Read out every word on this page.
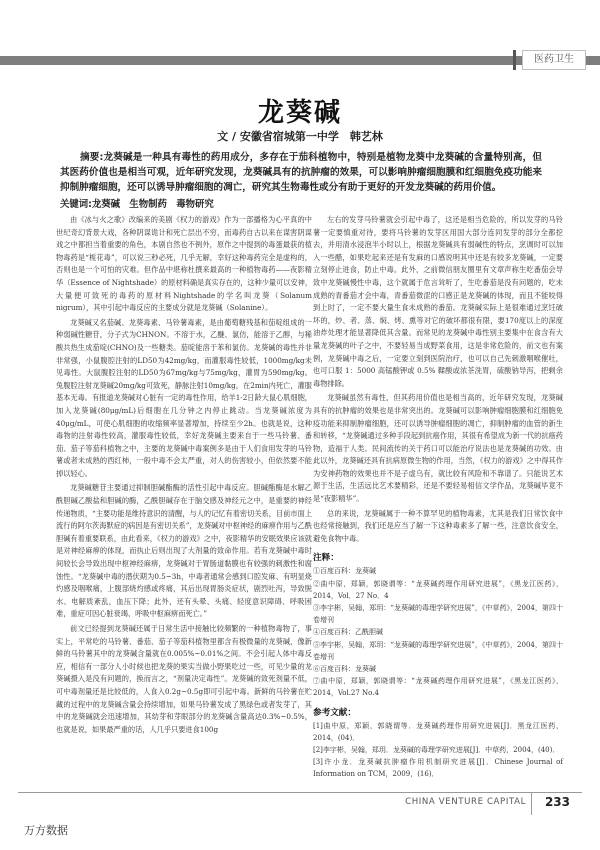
医药卫生
龙葵碱
文 / 安徽省宿城第一中学　韩艺林
摘要:龙葵碱是一种具有毒性的药用成分，多存在于茄科植物中，特别是植物龙葵中龙葵碱的含量特别高，但其医药价值也是相当可观，近年研究发现，龙葵碱具有的抗肿瘤的效果，可以影响肿瘤细胞膜和红细胞免疫功能来抑制肿瘤细胞，还可以诱导肿瘤细胞的凋亡，研究其生物毒性或分有助于更好的开发龙葵碱的药用价值。
关键词:龙葵碱　生物制药　毒物研究

由《冰与火之歌》改编来的美剧《权力的游戏》作为一部播格为心平真的中世纪奇幻背景大戏，各种阴谋诡计和死亡层出不穷，而毒药自古以来在谋害阴谋戏之中都担当着重要的角色，本剧自然也不例外，原作之中提到的毒蛋最获的植物毒药是“栀花毒”，可以说三秒必死，几乎无解，幸好这种毒药完全是虚构的，否则也是一个可怕的灾难。但作品中堪称杜撰来最高的一种植物毒药——夜影精华（Essence of Nightshade）的原材料确是真实存在的，这种少量可以安神，大量便可致死的毒药的原材料Nightshade的学名叫龙葵（Solanum nigrum），其中引起中毒反应的主要成分就是龙葵碱（Solanine）。

龙葵碱又名茄碱、龙葵毒素、马铃薯毒素，是由葡萄糖残基和茄啶组成的一种弱碱性糖苷，分子式为CHNON。不溶于水，乙醚、氯仿，能溶于乙醇，与稀酸共热生成茄啶(CHNO)及一些糖类。茄啶能溶于苯和氯仿。龙葵碱的毒性并非非常强，小鼠腹腔注射的LD50为42mg/kg，而灌服毒性较低，1000mg/kg未见毒性。大鼠腹腔注射的LD50为67mg/kg与75mg/kg，灌胃为590mg/kg。兔腹腔注射龙葵碱20mg/kg可致死，静脉注射10mg/kg，在2min内死亡，灌服基本无毒。有报道龙葵碱对心脏有一定的毒性作用，给羊1-2日龄大鼠心肌细胞，加入龙葵碱(80μg/mL)后细胞在几分钟之内停止跳动。当龙葵碱浓度为40μg/mL，可使心肌细胞的收缩频率显著增加，持续至少2h。也就是说，这种毒物的注射毒性较高，灌服毒性较低，幸好龙葵碱主要来自于一些马铃薯、番茄、茄子等茄科植物之中，主要的龙葵碱中毒案例多是由于人们食用发芽的马铃薯或者未成熟的西红柿，一般中毒不会太严重，对人的伤害较小，但依然要不能掉以轻心。

龙葵碱糖苷主要通过抑制胆碱酯酶的活性引起中毒反应。胆碱酯酶是水解乙酰胆碱乙酸盐和胆碱的酶，乙酰胆碱存在于脑交感及神经元之中，是重要的神经传递物质，“主要功能是维持意识的清醒，与人的记忆有着密切关系，目前市面上流行的阿尔茨海默症的病因是有密切关系”，龙葵碱对中枢神经的麻痹作用与乙酰胆碱有着重要联系，由此看来，《权力的游戏》之中，夜影精华的安眠效果应该就是对神经麻痹的体现，而执止后则出现了大剂量的致命作用。若有龙葵碱中毒时间较长会导致出现中枢神经麻痹，龙葵碱对于胃肠道黏膜也有较强的刺激性和腐蚀性。“龙葵碱中毒的潜伏期为0.5~3h，中毒者通常会感到口腔发麻、有明显烧灼感及咽喉痛，上腹部烧灼感或疼痛，其后出现胃肠炎症状，剧烈吐泻，导致脱水、电解质紊乱，血压下降；此外，还有头晕、头痛、轻度意识障碍、呼吸困难，重症可因心脏衰竭、呼吸中枢麻痹而死亡。”

前文已经提到龙葵碱还属于日常生活中接触比较频繁的一种植物毒物了，事实上，平常吃的马铃薯、番茄、茄子等茄科植物里都含有极微量的龙葵碱，像新鲜的马铃薯其中的龙葵碱含量就在0.005%~0.01%之间。不会引起人体中毒反应，相信有一部分人小时候也把龙葵的果实当做小野果吃过一些，可见少量的龙葵碱摄入是没有问题的，换而言之，“剂量决定毒性”。龙葵碱的致死剂量不低，可中毒剂量还是比较低的，人食入0.2g~0.5g即可引起中毒。新鲜的马铃薯在贮藏的过程中的龙葵碱含量会持续增加，如果马铃薯发成了黑绿色或者发芽了，其中的龙葵碱就会迅速增加，其幼芽和芽眼部分的龙葵碱含量高达0.3%~0.5%，也就是说，如果最严重的话，人几乎只要进食100g

左右的发芽马铃薯就会引起中毒了，这还是相当危险的，所以发芽的马铃薯一定要慎重对待，要将马铃薯的发芽区用国大部分连同发芽的部分全都挖去，并用清水浸泡半小时以上，根据龙葵碱具有弱碱性的特点，烹调时可以加入一些醋，如果吃起来还是有发麻的口感说明其中还是有较多龙葵碱，一定要立刻停止进食，防止中毒。此外，之前微信朋友圈里有文章声称生吃番茄会导致中龙葵碱慢性中毒，这个就属于危言耸听了，生吃番茄是没有问题的，吃未成熟的青番茄才会中毒，青番茄微涩的口感正是龙葵碱的体现，而且不能咬得到上时了，一定不要大量生食未成熟的番茄。龙葵碱实际上是很难通过烹饪破坏的，炒、者、蒸、焖、烤、熏等对它的破坏都很有限，要170度以上的深度油炸处理才能显著降低其含量。而常见的龙葵碱中毒性别主要集中在食含有大量龙葵碱的叶子之中，不要轻易当成野菜食用，这是非常危险的，前文也有案例，龙葵碱中毒之后，一定要立刻到医院治疗，也可以自己先刺激咽喉催吐，也可口服 1：5000 高锰酸钾或 0.5% 鞣酸或浓茶洗胃，硫酸钠导泻，把剩余毒物排除。

龙葵碱虽然有毒性，但其药用价值也是相当高的，近年研究发现，龙葵碱具有的抗肿瘤的效果也是非常突出的。龙葵碱可以影响肿瘤细胞膜和红细胞免疫功能来抑制肿瘤细胞，还可以诱导肿瘤细胞的凋亡，抑制肿瘤的血管的新生和转移，“龙葵碱通过多种手段起到抗癌作用，其很有希望成为新一代的抗癌药物，造福于人类。民间流传的关于药口可以能治疗说法也是龙葵碱的功效。由此以外，龙葵碱还具有抗病原微生物的作用，当然，《权力的游戏》之中得其作为安神药物的效果也并不是子虚乌有，就比较有风险和不靠谱了。只能说艺术源于生活，生活远比艺术要精彩，还是不要轻易相信文学作品，龙葵碱毕竟不是“夜影精华”。

总的来说，龙葵碱属于一种不算罕见的植物毒素，尤其是我们日常饮食中也经常接触到，我们还是应当了解一下这种毒素多了解一些，注意饮食安全，避免食物中毒。

注释：
①百度百科：龙葵碱
②曲中原，郑颖，郭晓谓等：“龙葵碱药理作用研究进展”，《黑龙江医药》，2014，Vol．27 No．4
③李宇彬，吴翰，郑玥：“龙葵碱的毒理学研究进展”，《中草药》，2004，第四十卷增刊
④百度百科：乙酰胆碱
⑤李宇彬，吴翰，郑玥：“龙葵碱的毒理学研究进展”，《中草药》，2004，第四十卷增刊
⑥百度百科：龙葵碱
⑦曲中原，郑颖，郭晓谓等：“龙葵碱药理作用研究进展”，《黑龙江医药》，2014，Vol.27 No.4
参考文献：
[1]曲中原，郑颖，郭晓谓等．龙葵碱药理作用研究进展[J]．黑龙江医药，2014，(04)．
[2]李宇彬，吴翰，郑玥．龙葵碱的毒理学研究进展[J]．中草药，2004，(40)．
[3]许小龙．龙葵碱抗肿瘤作用机制研究进展[J]．Chinese Journal of Information on TCM，2009，(16)．
CHINA VENTURE CAPITAL 233
万方数据
